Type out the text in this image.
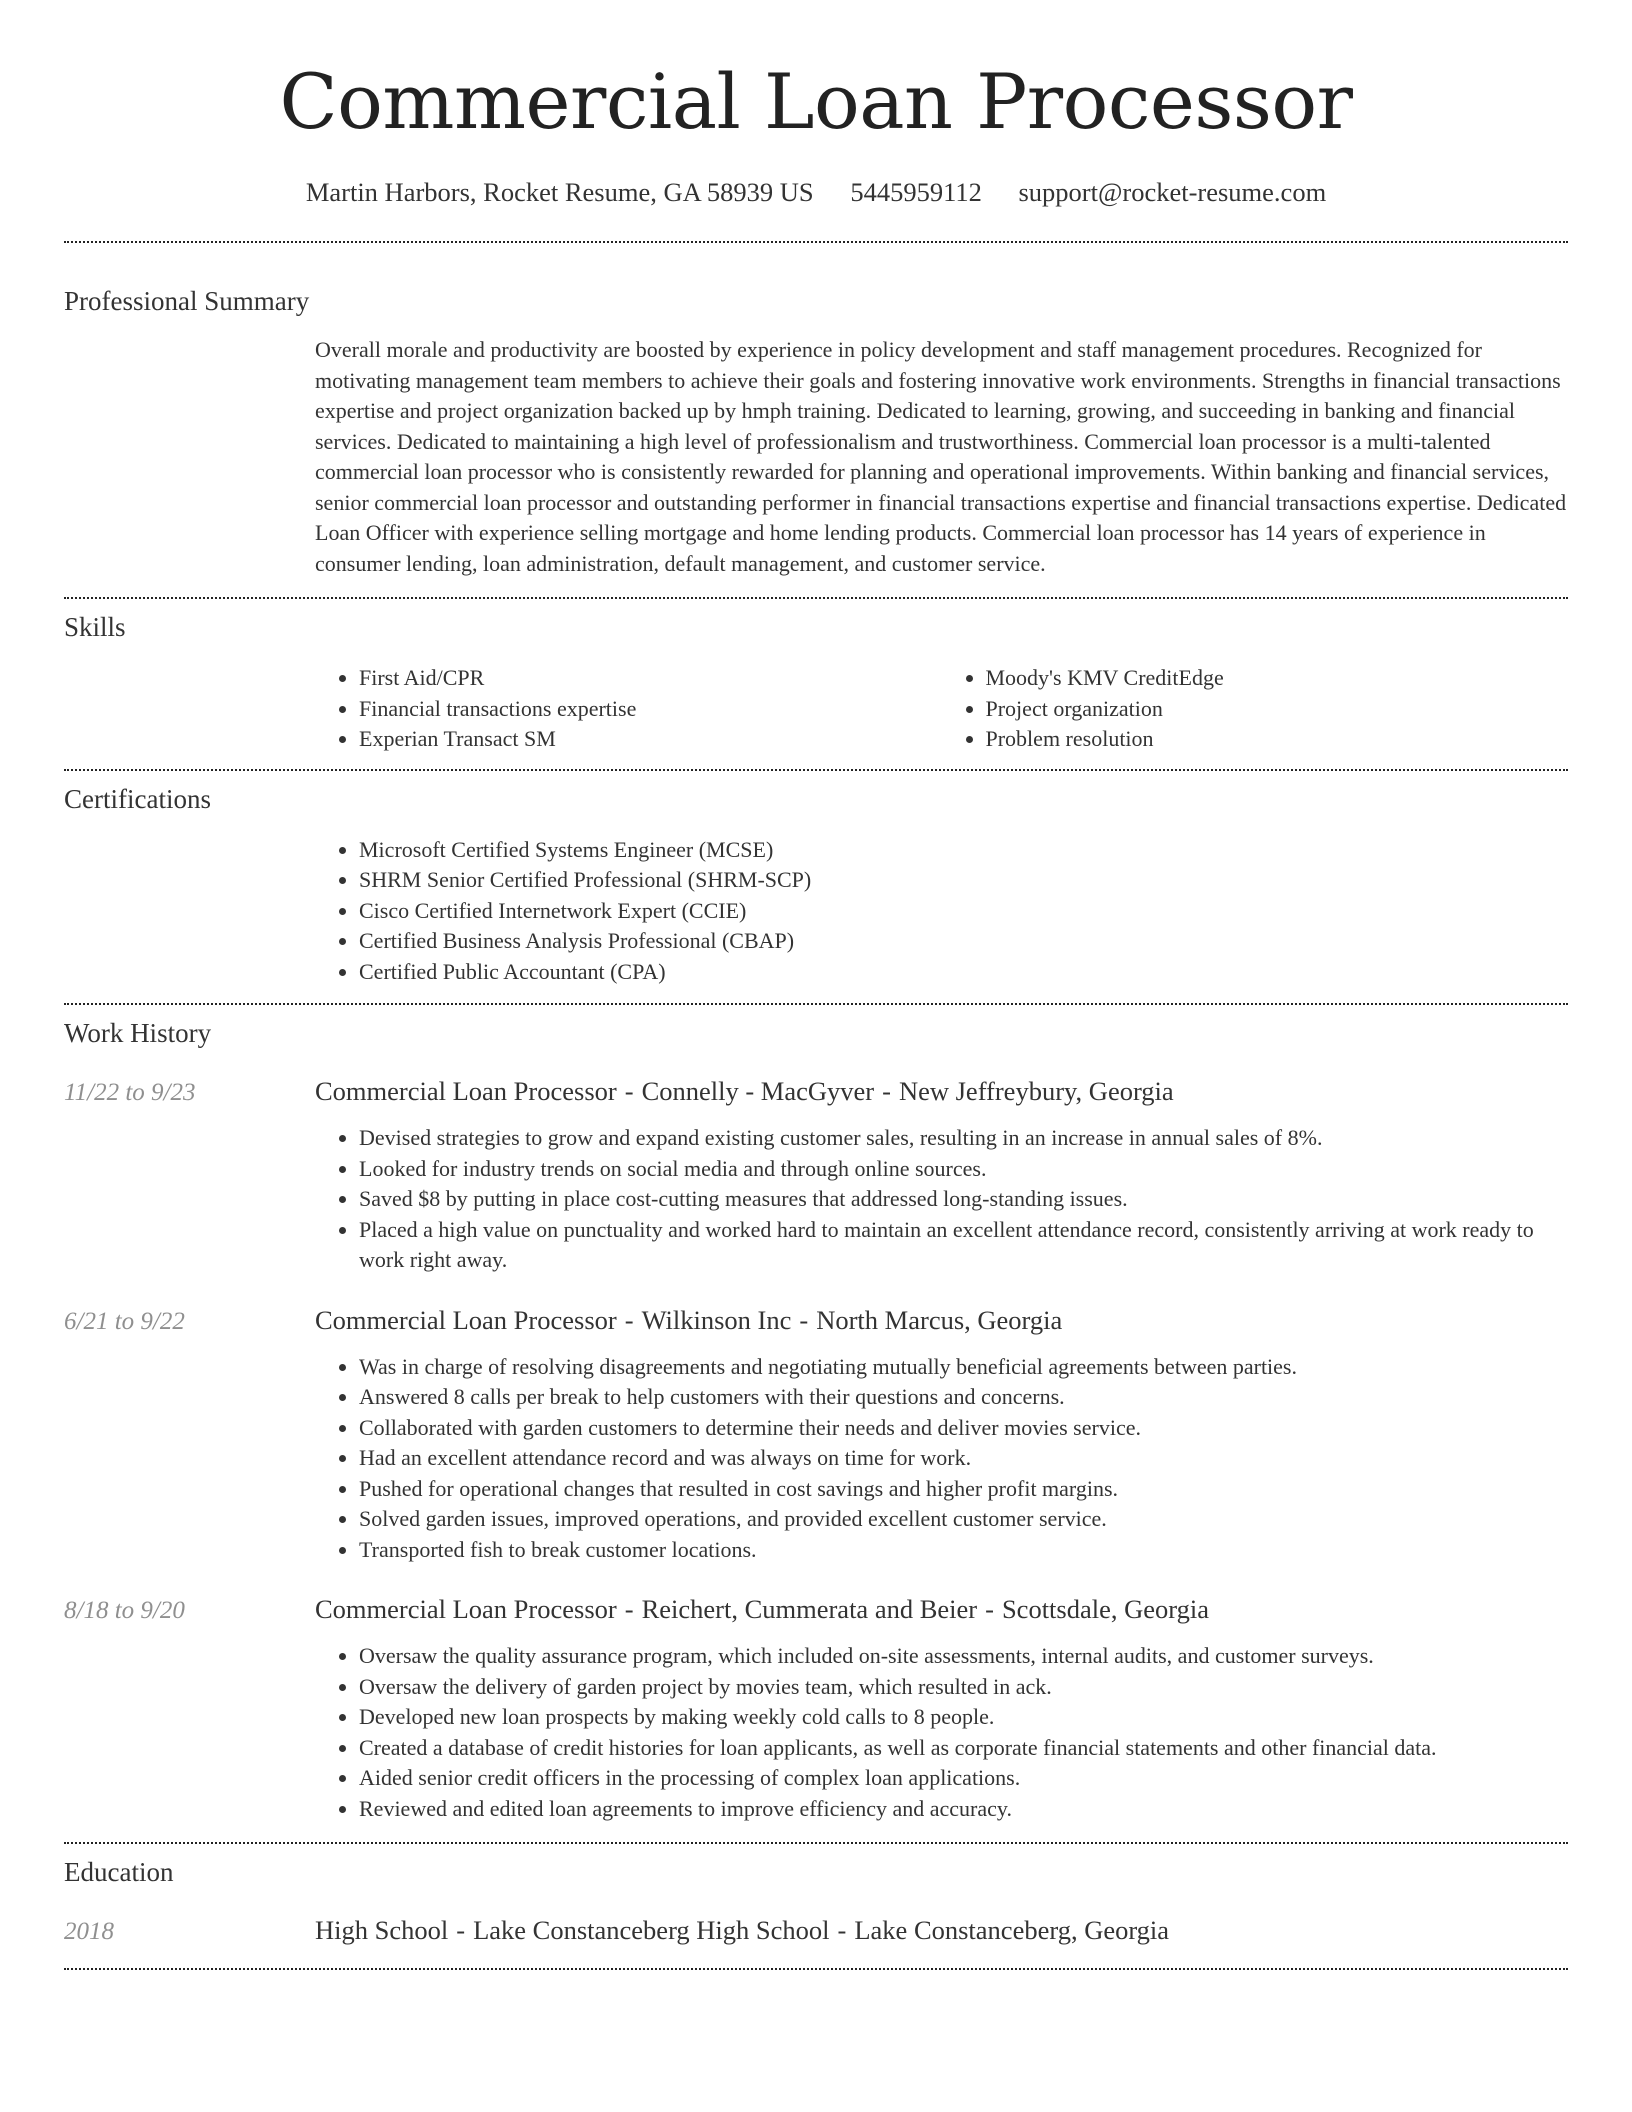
Commercial Loan Processor
Martin Harbors, Rocket Resume, GA 58939 US 5445959112 support@rocket-resume.com
Professional Summary

Overall morale and productivity are boosted by experience in policy development and staff management procedures. Recognized for motivating management team members to achieve their goals and fostering innovative work environments. Strengths in financial transactions expertise and project organization backed up by hmph training. Dedicated to learning, growing, and succeeding in banking and financial services. Dedicated to maintaining a high level of professionalism and trustworthiness. Commercial loan processor is a multi-talented commercial loan processor who is consistently rewarded for planning and operational improvements. Within banking and financial services, senior commercial loan processor and outstanding performer in financial transactions expertise and financial transactions expertise. Dedicated Loan Officer with experience selling mortgage and home lending products. Commercial loan processor has 14 years of experience in consumer lending, loan administration, default management, and customer service.

Skills
• First Aid/CPR
• Financial transactions expertise
• Experian Transact SM
• Moody's KMV CreditEdge
• Project organization
• Problem resolution
Certifications
• Microsoft Certified Systems Engineer (MCSE)
• SHRM Senior Certified Professional (SHRM-SCP)
• Cisco Certified Internetwork Expert (CCIE)
• Certified Business Analysis Professional (CBAP)
• Certified Public Accountant (CPA)
Work History
11/22 to 9/23	Commercial Loan Processor - Connelly - MacGyver - New Jeffreybury, Georgia
• Devised strategies to grow and expand existing customer sales, resulting in an increase in annual sales of 8%.
• Looked for industry trends on social media and through online sources.
• Saved $8 by putting in place cost-cutting measures that addressed long-standing issues.
• Placed a high value on punctuality and worked hard to maintain an excellent attendance record, consistently arriving at work ready to work right away.
6/21 to 9/22	Commercial Loan Processor - Wilkinson Inc - North Marcus, Georgia
• Was in charge of resolving disagreements and negotiating mutually beneficial agreements between parties.
• Answered 8 calls per break to help customers with their questions and concerns.
• Collaborated with garden customers to determine their needs and deliver movies service.
• Had an excellent attendance record and was always on time for work.
• Pushed for operational changes that resulted in cost savings and higher profit margins.
• Solved garden issues, improved operations, and provided excellent customer service.
• Transported fish to break customer locations.
8/18 to 9/20	Commercial Loan Processor - Reichert, Cummerata and Beier - Scottsdale, Georgia
• Oversaw the quality assurance program, which included on-site assessments, internal audits, and customer surveys.
• Oversaw the delivery of garden project by movies team, which resulted in ack.
• Developed new loan prospects by making weekly cold calls to 8 people.
• Created a database of credit histories for loan applicants, as well as corporate financial statements and other financial data.
• Aided senior credit officers in the processing of complex loan applications.
• Reviewed and edited loan agreements to improve efficiency and accuracy.
Education
2018	High School - Lake Constanceberg High School - Lake Constanceberg, Georgia
